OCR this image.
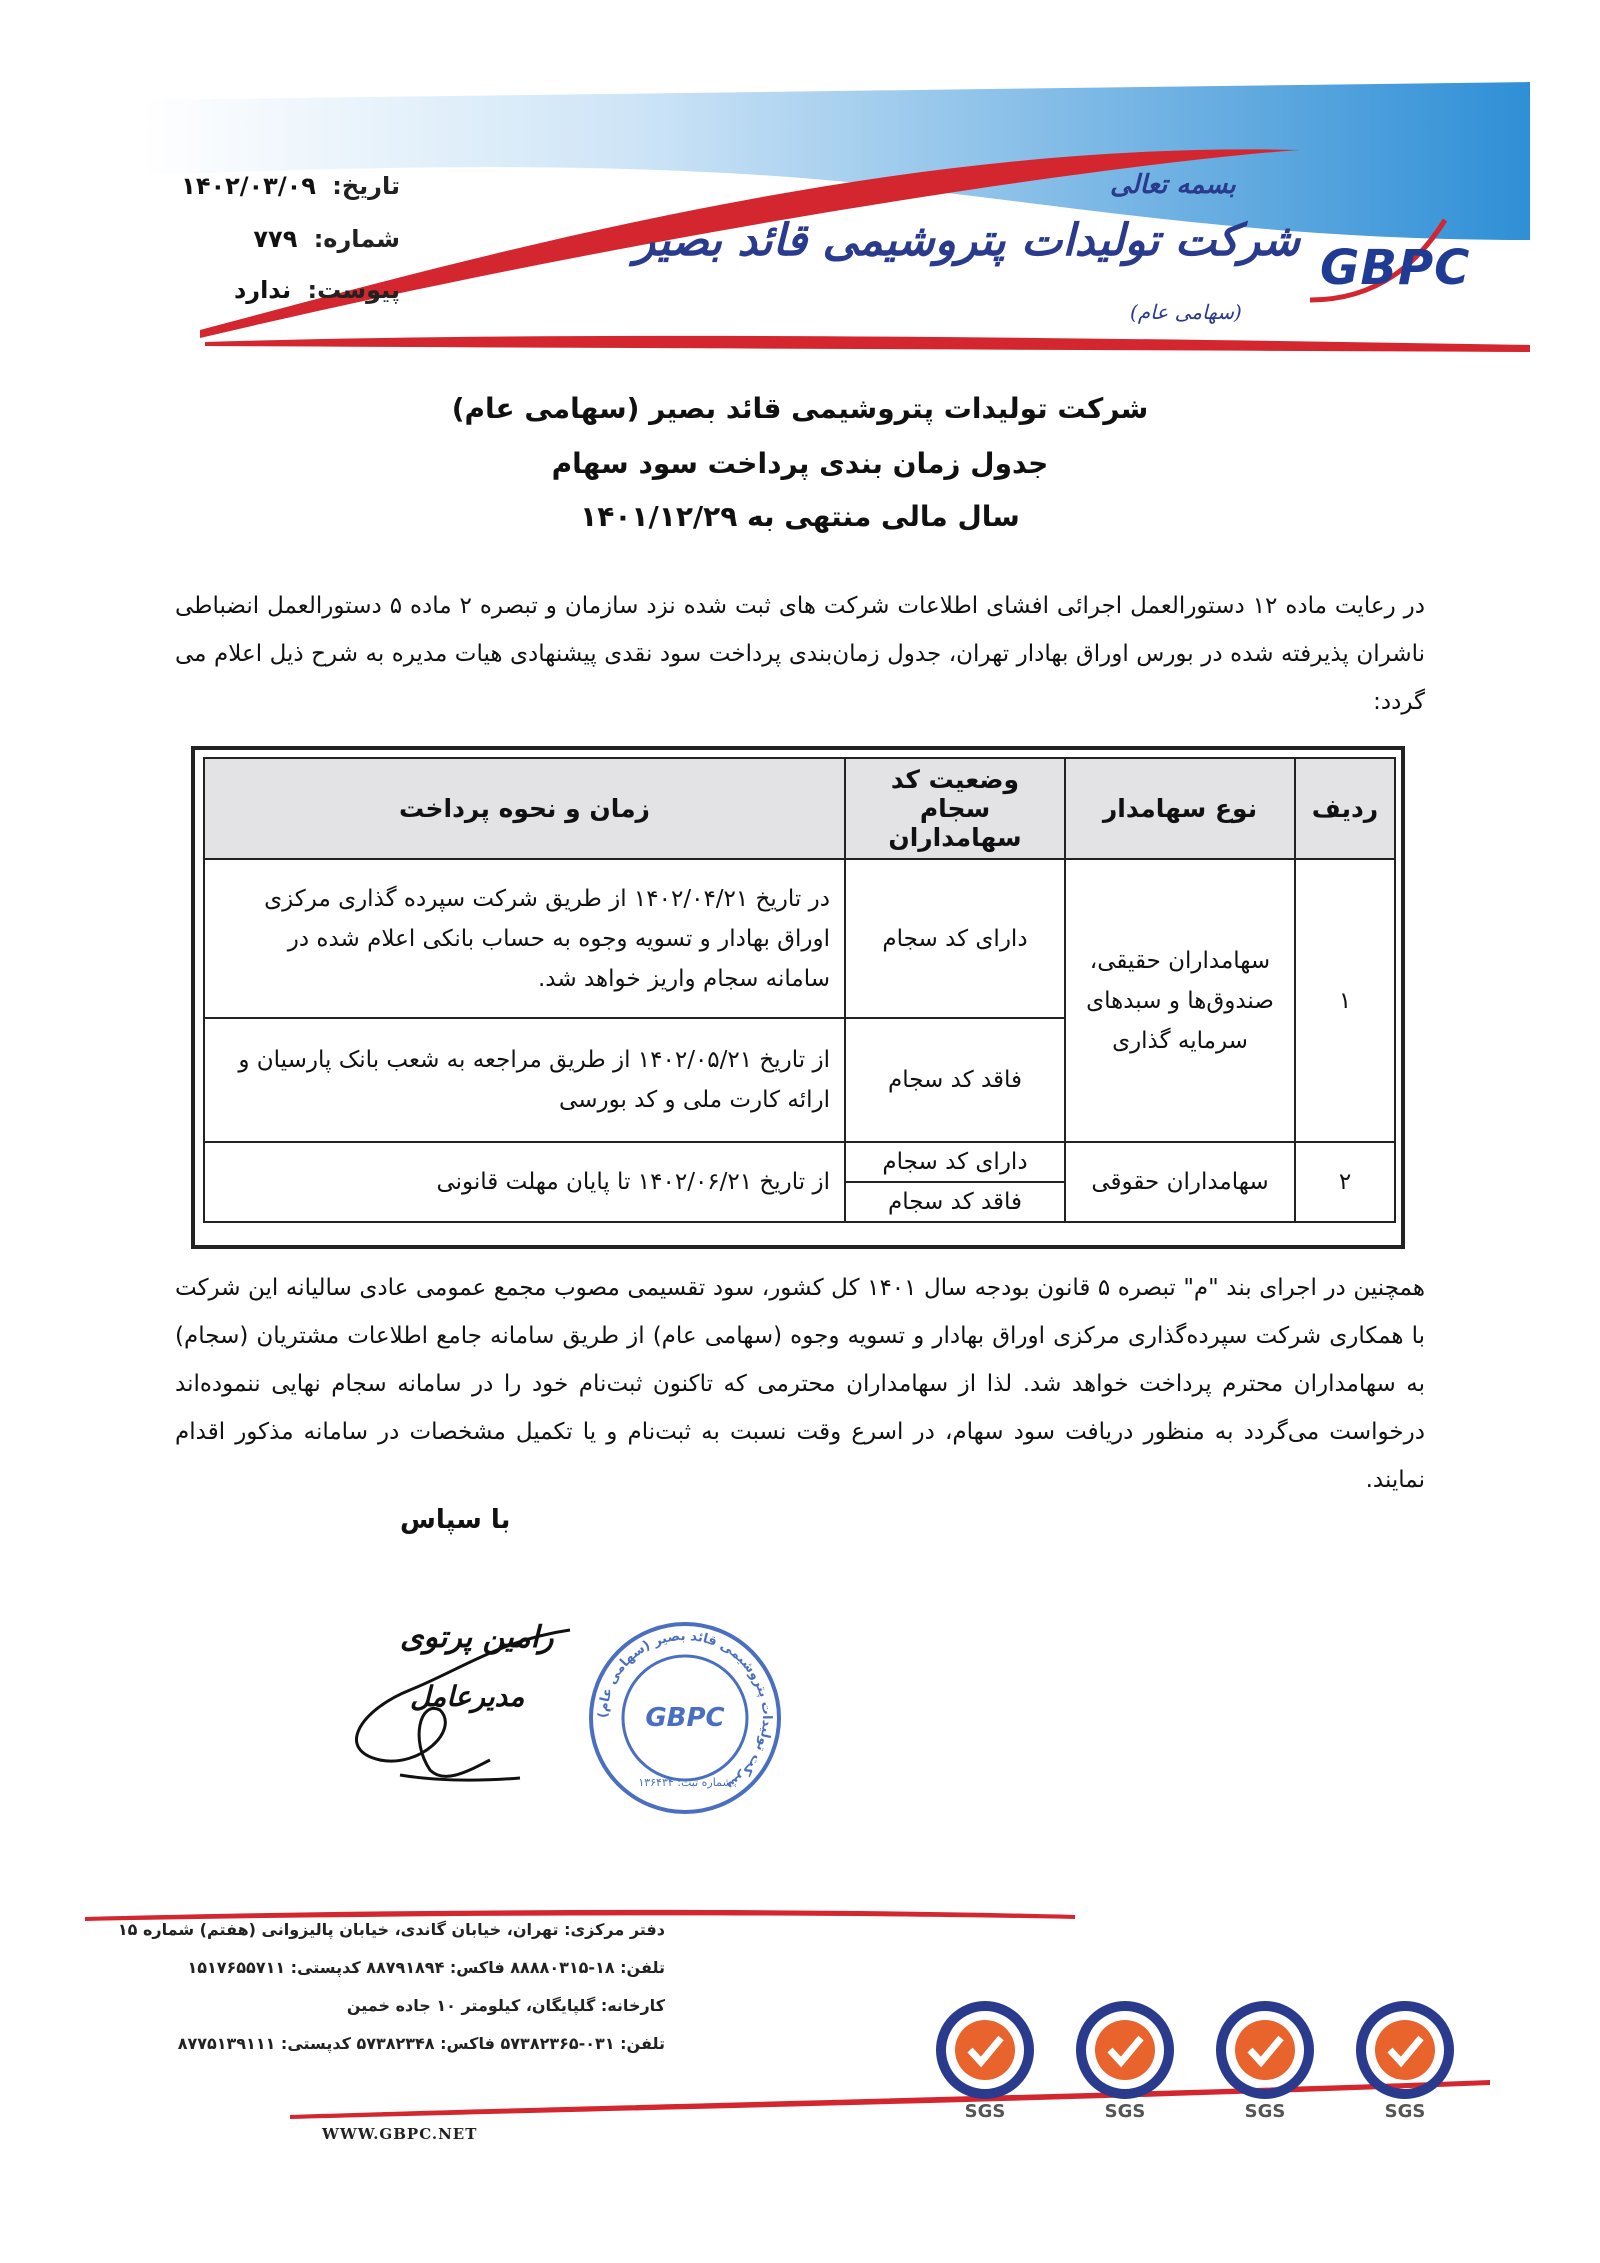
تاریخ: ۱۴۰۲/۰۳/۰۹
شماره: ۷۷۹
پیوست: ندارد
بسمه تعالی
شرکت تولیدات پتروشیمی قائد بصیر
(سهامی عام)
GBPC
شرکت تولیدات پتروشیمی قائد بصیر (سهامی عام)
جدول زمان بندی پرداخت سود سهام
سال مالی منتهی به ۱۴۰۱/۱۲/۲۹
در رعایت ماده ۱۲ دستورالعمل اجرائی افشای اطلاعات شرکت های ثبت شده نزد سازمان و تبصره ۲ ماده ۵ دستورالعمل انضباطی ناشران پذیرفته شده در بورس اوراق بهادار تهران، جدول زمان‌بندی پرداخت سود نقدی پیشنهادی هیات مدیره به شرح ذیل اعلام می گردد:
ردیف	نوع سهامدار	وضعیت کد سجام سهامداران	زمان و نحوه پرداخت
۱	سهامداران حقیقی، صندوق‌ها و سبدهای سرمایه گذاری	دارای کد سجام	در تاریخ ۱۴۰۲/۰۴/۲۱ از طریق شرکت سپرده گذاری مرکزی اوراق بهادار و تسویه وجوه به حساب بانکی اعلام شده در سامانه سجام واریز خواهد شد.
		فاقد کد سجام	از تاریخ ۱۴۰۲/۰۵/۲۱ از طریق مراجعه به شعب بانک پارسیان و ارائه کارت ملی و کد بورسی
۲	سهامداران حقوقی	دارای کد سجام	از تاریخ ۱۴۰۲/۰۶/۲۱ تا پایان مهلت قانونی
		فاقد کد سجام	
همچنین در اجرای بند "م" تبصره ۵ قانون بودجه سال ۱۴۰۱ کل کشور، سود تقسیمی مصوب مجمع عمومی عادی سالیانه این شرکت با همکاری شرکت سپرده‌گذاری مرکزی اوراق بهادار و تسویه وجوه (سهامی عام) از طریق سامانه جامع اطلاعات مشتریان (سجام) به سهامداران محترم پرداخت خواهد شد. لذا از سهامداران محترمی که تاکنون ثبت‌نام خود را در سامانه سجام نهایی ننموده‌اند درخواست می‌گردد به منظور دریافت سود سهام، در اسرع وقت نسبت به ثبت‌نام و یا تکمیل مشخصات در سامانه مذکور اقدام نمایند.
با سپاس
رامین پرتوی
مدیرعامل
شرکت تولیدات پتروشیمی قائد بصیر (سهامی عام)
GBPC
شماره ثبت: ۱۳۶۴۳۴
دفتر مرکزی: تهران، خیابان گاندی، خیابان پالیزوانی (هفتم) شماره ۱۵
تلفن: ۱۸-۸۸۸۸۰۳۱۵ فاکس: ۸۸۷۹۱۸۹۴ کدپستی: ۱۵۱۷۶۵۵۷۱۱
کارخانه: گلپایگان، کیلومتر ۱۰ جاده خمین
تلفن: ۰۳۱-۵۷۳۸۲۳۶۵ فاکس: ۵۷۳۸۲۳۴۸ کدپستی: ۸۷۷۵۱۳۹۱۱۱
WWW.GBPC.NET
SGS	SGS	SGS	SGS
